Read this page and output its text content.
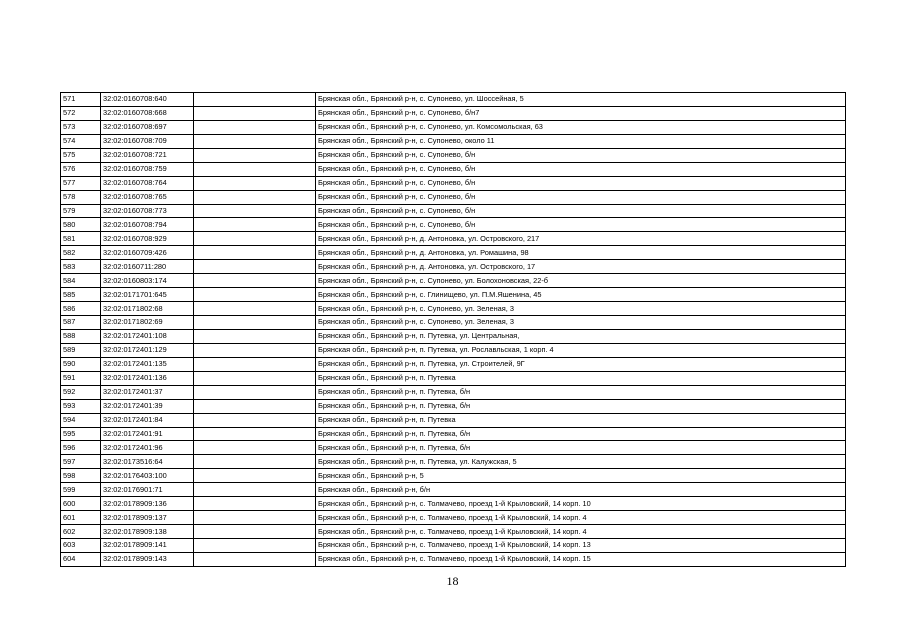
571	32:02:0160708:640		Брянская обл., Брянский р-н, с. Супонево, ул. Шоссейная, 5
572	32:02:0160708:668		Брянская обл., Брянский р-н, с. Супонево, б/н7
573	32:02:0160708:697		Брянская обл., Брянский р-н, с. Супонево, ул. Комсомольская, 63
574	32:02:0160708:709		Брянская обл., Брянский р-н, с. Супонево, около 11
575	32:02:0160708:721		Брянская обл., Брянский р-н, с. Супонево, б/н
576	32:02:0160708:759		Брянская обл., Брянский р-н, с. Супонево, б/н
577	32:02:0160708:764		Брянская обл., Брянский р-н, с. Супонево, б/н
578	32:02:0160708:765		Брянская обл., Брянский р-н, с. Супонево, б/н
579	32:02:0160708:773		Брянская обл., Брянский р-н, с. Супонево, б/н
580	32:02:0160708:794		Брянская обл., Брянский р-н, с. Супонево, б/н
581	32:02:0160708:929		Брянская обл., Брянский р-н, д. Антоновка, ул. Островского, 217
582	32:02:0160709:426		Брянская обл., Брянский р-н, д. Антоновка, ул. Ромашина, 98
583	32:02:0160711:280		Брянская обл., Брянский р-н, д. Антоновка, ул. Островского, 17
584	32:02:0160803:174		Брянская обл., Брянский р-н, с. Супонево, ул. Болохоновская, 22-б
585	32:02:0171701:645		Брянская обл., Брянский р-н, с. Глинищево, ул. П.М.Яшенина, 45
586	32:02:0171802:68		Брянская обл., Брянский р-н, с. Супонево, ул. Зеленая, 3
587	32:02:0171802:69		Брянская обл., Брянский р-н, с. Супонево, ул. Зеленая, 3
588	32:02:0172401:108		Брянская обл., Брянский р-н, п. Путевка, ул. Центральная,
589	32:02:0172401:129		Брянская обл., Брянский р-н, п. Путевка, ул. Рославльская, 1 корп. 4
590	32:02:0172401:135		Брянская обл., Брянский р-н, п. Путевка, ул. Строителей, 9Г
591	32:02:0172401:136		Брянская обл., Брянский р-н, п. Путевка
592	32:02:0172401:37		Брянская обл., Брянский р-н, п. Путевка, б/н
593	32:02:0172401:39		Брянская обл., Брянский р-н, п. Путевка, б/н
594	32:02:0172401:84		Брянская обл., Брянский р-н, п. Путевка
595	32:02:0172401:91		Брянская обл., Брянский р-н, п. Путевка, б/н
596	32:02:0172401:96		Брянская обл., Брянский р-н, п. Путевка, б/н
597	32:02:0173516:64		Брянская обл., Брянский р-н, п. Путевка, ул. Калужская, 5
598	32:02:0176403:100		Брянская обл., Брянский р-н, 5
599	32:02:0176901:71		Брянская обл., Брянский р-н, б/н
600	32:02:0178909:136		Брянская обл., Брянский р-н, с. Толмачево, проезд 1-й Крыловский, 14 корп. 10
601	32:02:0178909:137		Брянская обл., Брянский р-н, с. Толмачево, проезд 1-й Крыловский, 14 корп. 4
602	32:02:0178909:138		Брянская обл., Брянский р-н, с. Толмачево, проезд 1-й Крыловский, 14 корп. 4
603	32:02:0178909:141		Брянская обл., Брянский р-н, с. Толмачево, проезд 1-й Крыловский, 14 корп. 13
604	32:02:0178909:143		Брянская обл., Брянский р-н, с. Толмачево, проезд 1-й Крыловский, 14 корп. 15
18
